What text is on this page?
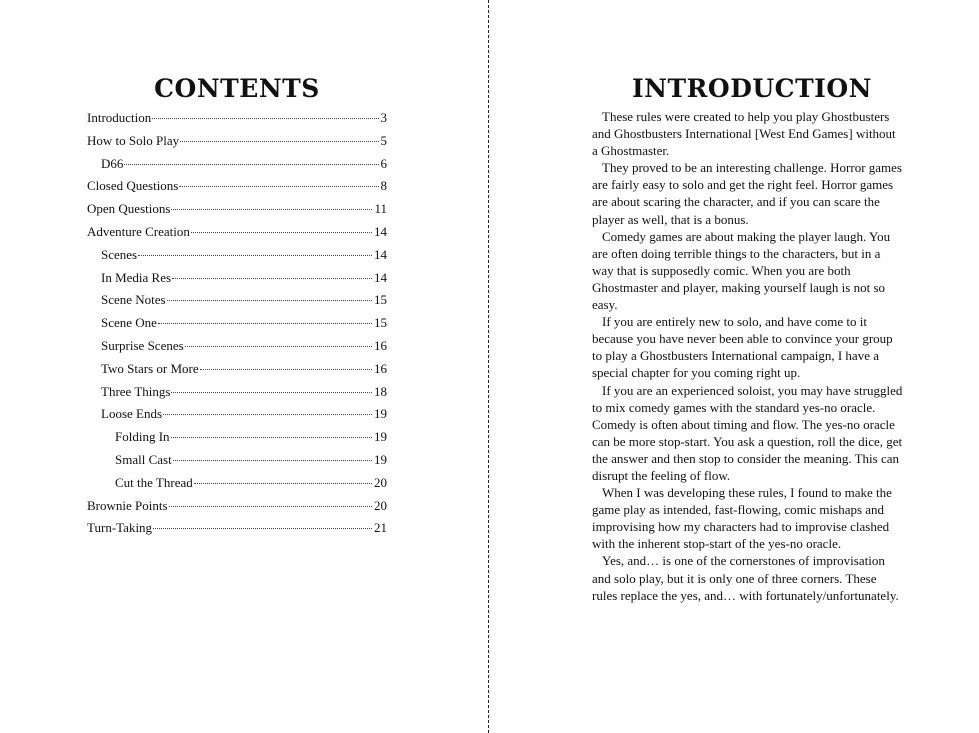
CONTENTS
Introduction	3
How to Solo Play	5
D66	6
Closed Questions	8
Open Questions	11
Adventure Creation	14
Scenes	14
In Media Res	14
Scene Notes	15
Scene One	15
Surprise Scenes	16
Two Stars or More	16
Three Things	18
Loose Ends	19
Folding In	19
Small Cast	19
Cut the Thread	20
Brownie Points	20
Turn-Taking	21
INTRODUCTION

These rules were created to help you play Ghostbusters and Ghostbusters International [West End Games] without a Ghostmaster.

They proved to be an interesting challenge. Horror games are fairly easy to solo and get the right feel. Horror games are about scaring the character, and if you can scare the player as well, that is a bonus.

Comedy games are about making the player laugh. You are often doing terrible things to the characters, but in a way that is supposedly comic. When you are both Ghostmaster and player, making yourself laugh is not so easy.

If you are entirely new to solo, and have come to it because you have never been able to convince your group to play a Ghostbusters International campaign, I have a special chapter for you coming right up.

If you are an experienced soloist, you may have struggled to mix comedy games with the standard yes-no oracle. Comedy is often about timing and flow. The yes-no oracle can be more stop-start. You ask a question, roll the dice, get the answer and then stop to consider the meaning. This can disrupt the feeling of flow.

When I was developing these rules, I found to make the game play as intended, fast-flowing, comic mishaps and improvising how my characters had to improvise clashed with the inherent stop-start of the yes-no oracle.

Yes, and… is one of the cornerstones of improvisation and solo play, but it is only one of three corners. These rules replace the yes, and… with fortunately/unfortunately.
